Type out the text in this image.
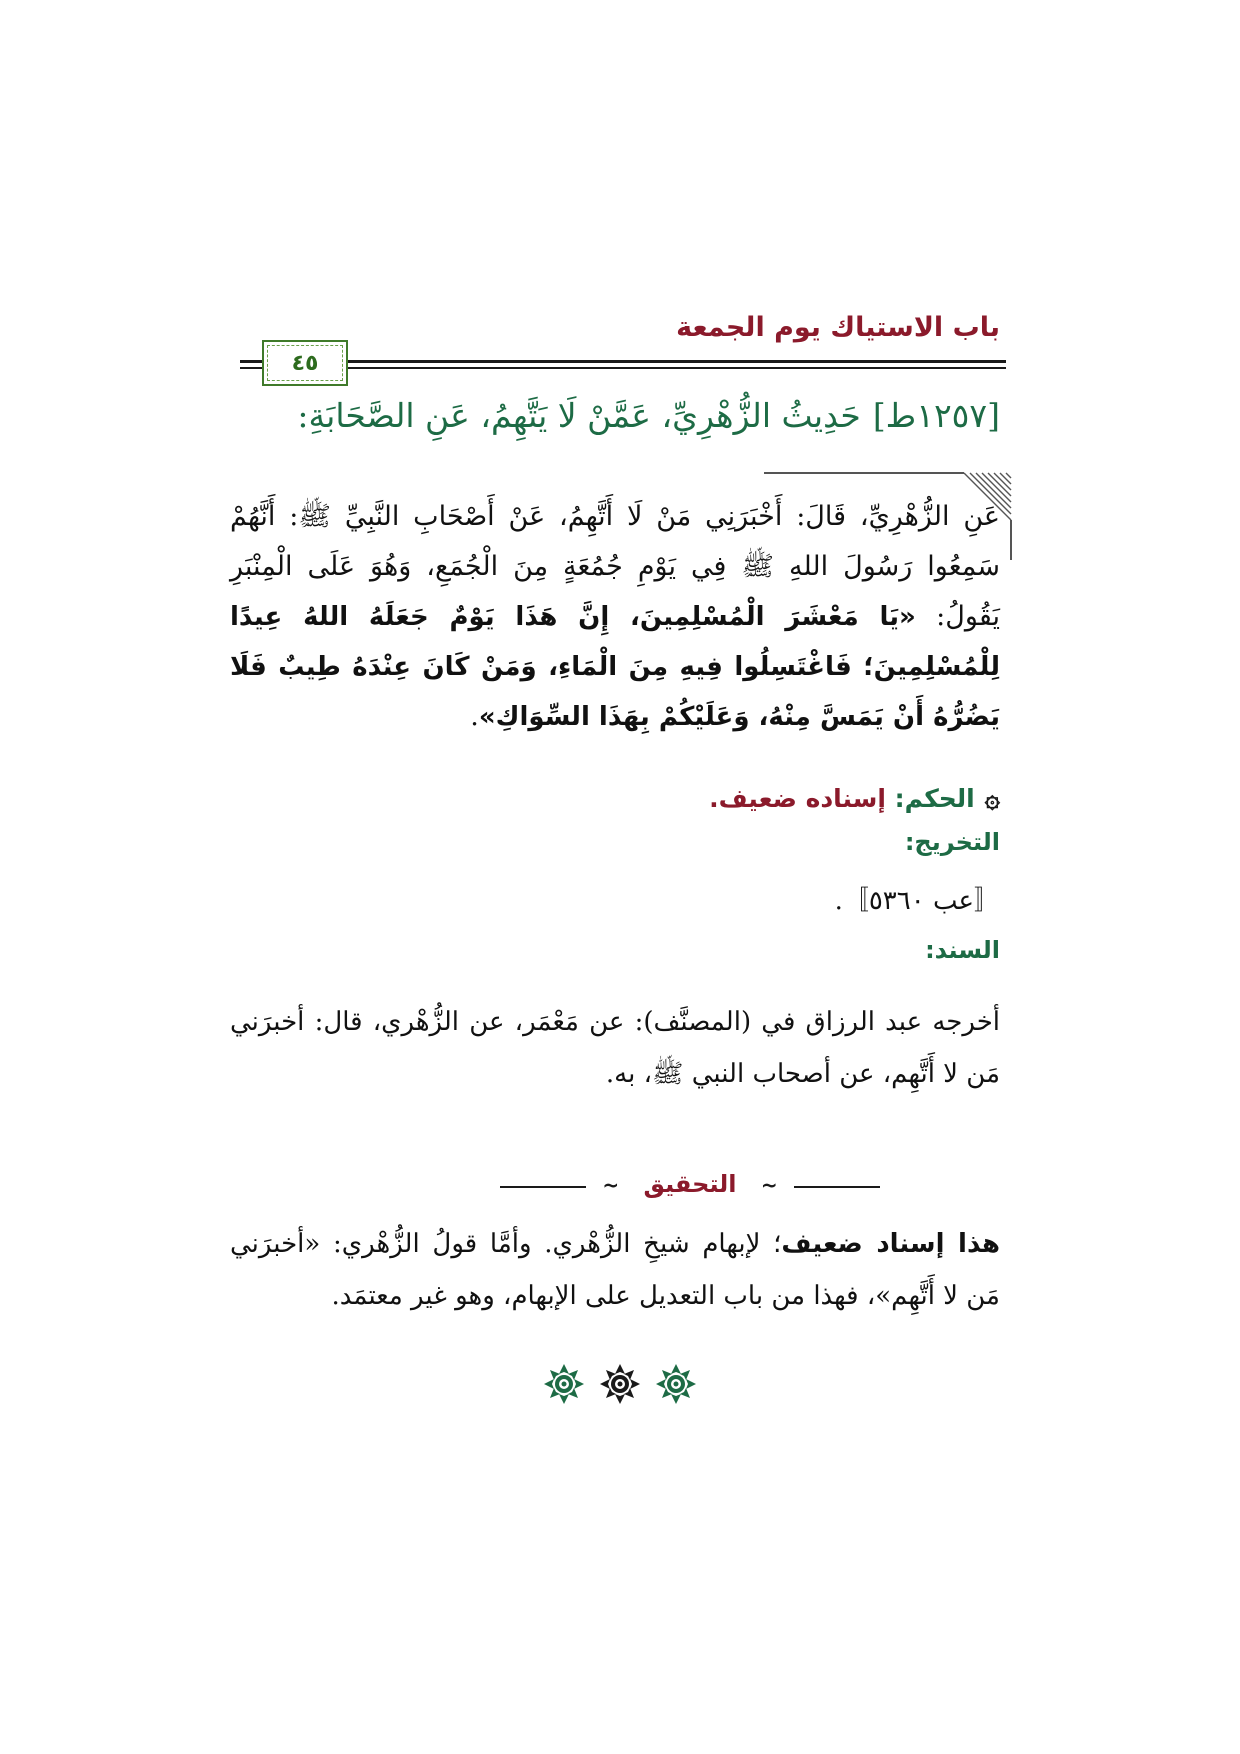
باب الاستياك يوم الجمعة
٤٥
[١٢٥٧ط]حَدِيثُ الزُّهْرِيِّ، عَمَّنْ لَا يَتَّهِمُ، عَنِ الصَّحَابَةِ:
عَنِ الزُّهْرِيِّ، قَالَ: أَخْبَرَنِي مَنْ لَا أَتَّهِمُ، عَنْ أَصْحَابِ النَّبِيِّ ﷺ: أَنَّهُمْ سَمِعُوا رَسُولَ اللهِ ﷺ فِي يَوْمِ جُمُعَةٍ مِنَ الْجُمَعِ، وَهُوَ عَلَى الْمِنْبَرِ يَقُولُ: «يَا مَعْشَرَ الْمُسْلِمِينَ، إِنَّ هَذَا يَوْمٌ جَعَلَهُ اللهُ عِيدًا لِلْمُسْلِمِينَ؛ فَاغْتَسِلُوا فِيهِ مِنَ الْمَاءِ، وَمَنْ كَانَ عِنْدَهُ طِيبٌ فَلَا يَضُرُّهُ أَنْ يَمَسَّ مِنْهُ، وَعَلَيْكُمْ بِهَذَا السِّوَاكِ».
۞الحكم: إسناده ضعيف.
التخريج:
〚عب ٥٣٦٠〛.
السند:
أخرجه عبد الرزاق في (المصنَّف): عن مَعْمَر، عن الزُّهْري، قال: أخبرَني مَن لا أَتَّهِم، عن أصحاب النبي ﷺ، به.
~ التحقيق ~
هذا إسناد ضعيف؛ لإبهام شيخِ الزُّهْري. وأمَّا قولُ الزُّهْري: «أخبرَني مَن لا أَتَّهِم»، فهذا من باب التعديل على الإبهام، وهو غير معتمَد.
